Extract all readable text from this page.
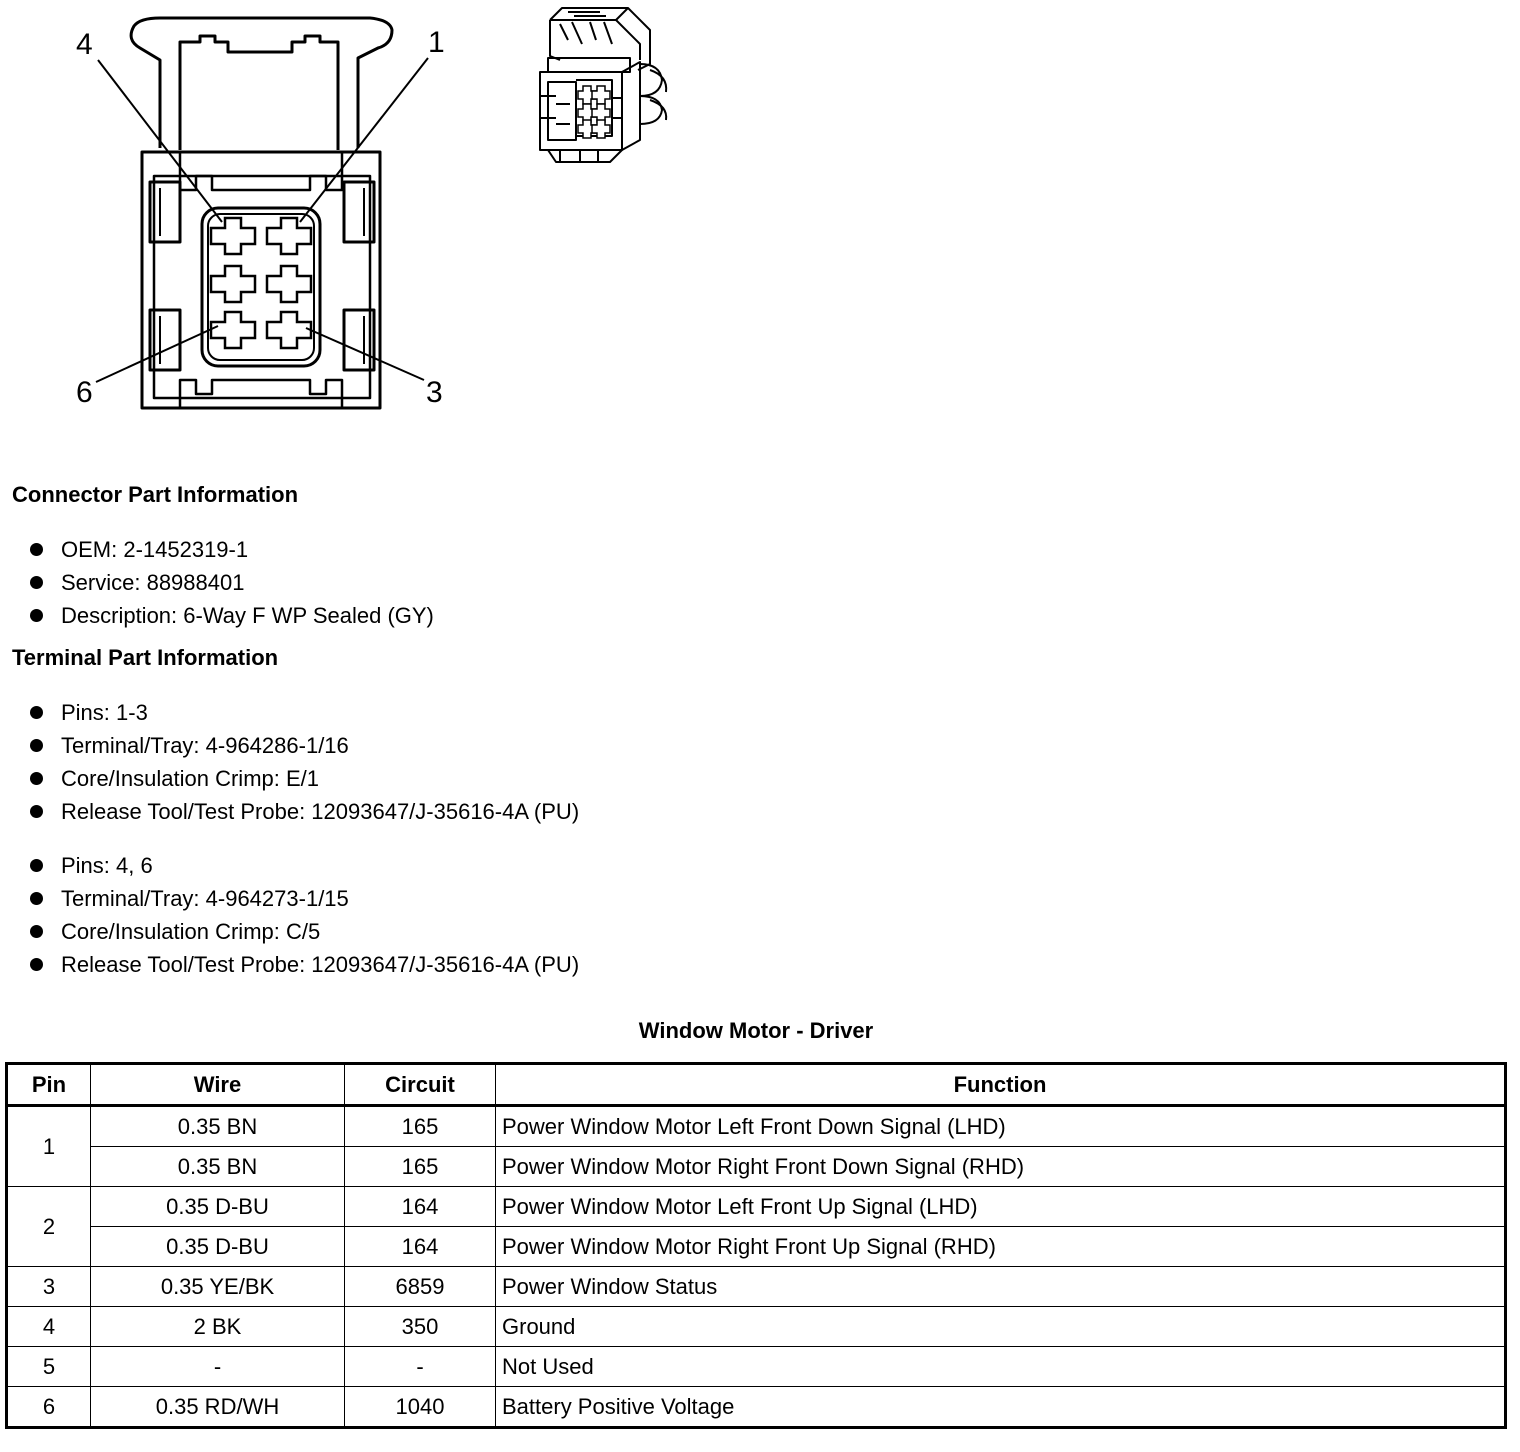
4	1
6	3
Connector Part Information
OEM: 2-1452319-1
Service: 88988401
Description: 6-Way F WP Sealed (GY)
Terminal Part Information
Pins: 1-3
Terminal/Tray: 4-964286-1/16
Core/Insulation Crimp: E/1
Release Tool/Test Probe: 12093647/J-35616-4A (PU)
Pins: 4, 6
Terminal/Tray: 4-964273-1/15
Core/Insulation Crimp: C/5
Release Tool/Test Probe: 12093647/J-35616-4A (PU)
Window Motor - Driver
Pin	Wire	Circuit	Function
1	0.35 BN	165	Power Window Motor Left Front Down Signal (LHD)
	0.35 BN	165	Power Window Motor Right Front Down Signal (RHD)
2	0.35 D-BU	164	Power Window Motor Left Front Up Signal (LHD)
	0.35 D-BU	164	Power Window Motor Right Front Up Signal (RHD)
3	0.35 YE/BK	6859	Power Window Status
4	2 BK	350	Ground
5	-	-	Not Used
6	0.35 RD/WH	1040	Battery Positive Voltage
